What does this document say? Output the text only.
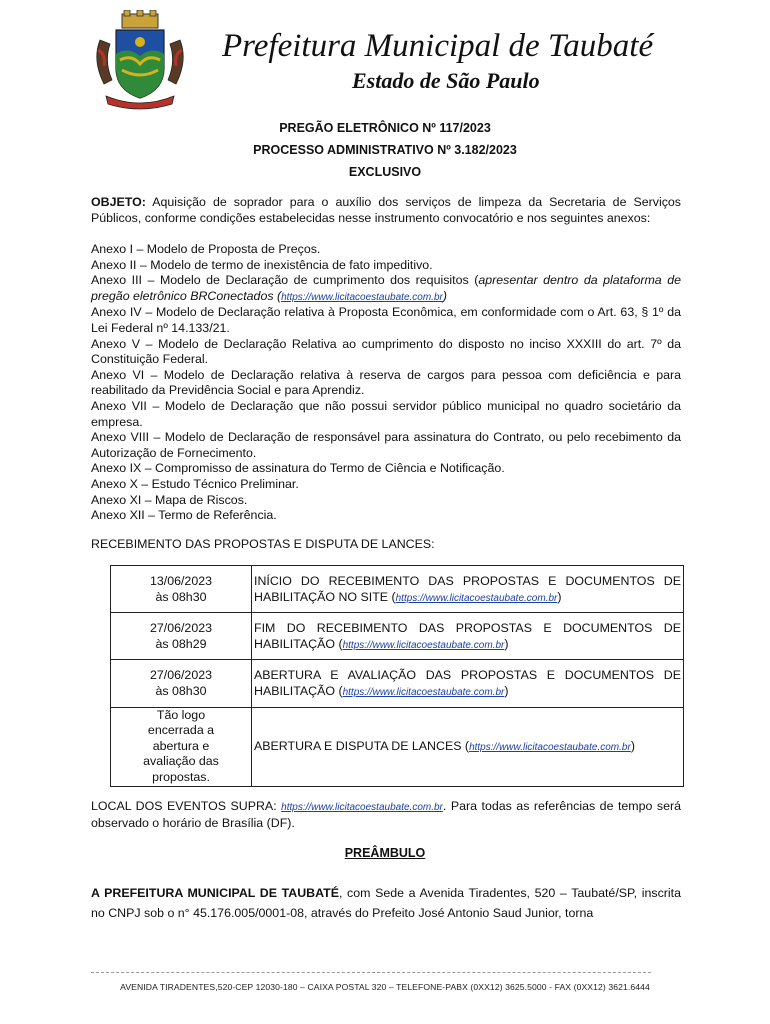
Prefeitura Municipal de Taubaté
Estado de São Paulo
PREGÃO ELETRÔNICO Nº 117/2023
PROCESSO ADMINISTRATIVO Nº 3.182/2023
EXCLUSIVO

OBJETO: Aquisição de soprador para o auxílio dos serviços de limpeza da Secretaria de Serviços Públicos, conforme condições estabelecidas nesse instrumento convocatório e nos seguintes anexos:

Anexo I – Modelo de Proposta de Preços.

Anexo II – Modelo de termo de inexistência de fato impeditivo.

Anexo III – Modelo de Declaração de cumprimento dos requisitos (apresentar dentro da plataforma de pregão eletrônico BRConectados (https://www.licitacoestaubate.com.br)

Anexo IV – Modelo de Declaração relativa à Proposta Econômica, em conformidade com o Art. 63, § 1º da Lei Federal nº 14.133/21.

Anexo V – Modelo de Declaração Relativa ao cumprimento do disposto no inciso XXXIII do art. 7º da Constituição Federal.

Anexo VI – Modelo de Declaração relativa à reserva de cargos para pessoa com deficiência e para reabilitado da Previdência Social e para Aprendiz.

Anexo VII – Modelo de Declaração que não possui servidor público municipal no quadro societário da empresa.

Anexo VIII – Modelo de Declaração de responsável para assinatura do Contrato, ou pelo recebimento da Autorização de Fornecimento.

Anexo IX – Compromisso de assinatura do Termo de Ciência e Notificação.

Anexo X – Estudo Técnico Preliminar.

Anexo XI – Mapa de Riscos.

Anexo XII – Termo de Referência.

RECEBIMENTO DAS PROPOSTAS E DISPUTA DE LANCES:
13/06/2023
às 08h30	INÍCIO DO RECEBIMENTO DAS PROPOSTAS E DOCUMENTOS DE HABILITAÇÃO NO SITE (https://www.licitacoestaubate.com.br)
27/06/2023
às 08h29	FIM DO RECEBIMENTO DAS PROPOSTAS E DOCUMENTOS DE HABILITAÇÃO (https://www.licitacoestaubate.com.br)
27/06/2023
às 08h30	ABERTURA E AVALIAÇÃO DAS PROPOSTAS E DOCUMENTOS DE HABILITAÇÃO (https://www.licitacoestaubate.com.br)
Tão logo encerrada a abertura e avaliação das propostas.	ABERTURA E DISPUTA DE LANCES (https://www.licitacoestaubate.com.br)

LOCAL DOS EVENTOS SUPRA: https://www.licitacoestaubate.com.br. Para todas as referências de tempo será observado o horário de Brasília (DF).

PREÂMBULO

A PREFEITURA MUNICIPAL DE TAUBATÉ, com Sede a Avenida Tiradentes, 520 – Taubaté/SP, inscrita no CNPJ sob o n° 45.176.005/0001-08, através do Prefeito José Antonio Saud Junior, torna

AVENIDA TIRADENTES,520-CEP 12030-180 – CAIXA POSTAL 320 – TELEFONE-PABX (0XX12) 3625.5000 - FAX (0XX12) 3621.6444
